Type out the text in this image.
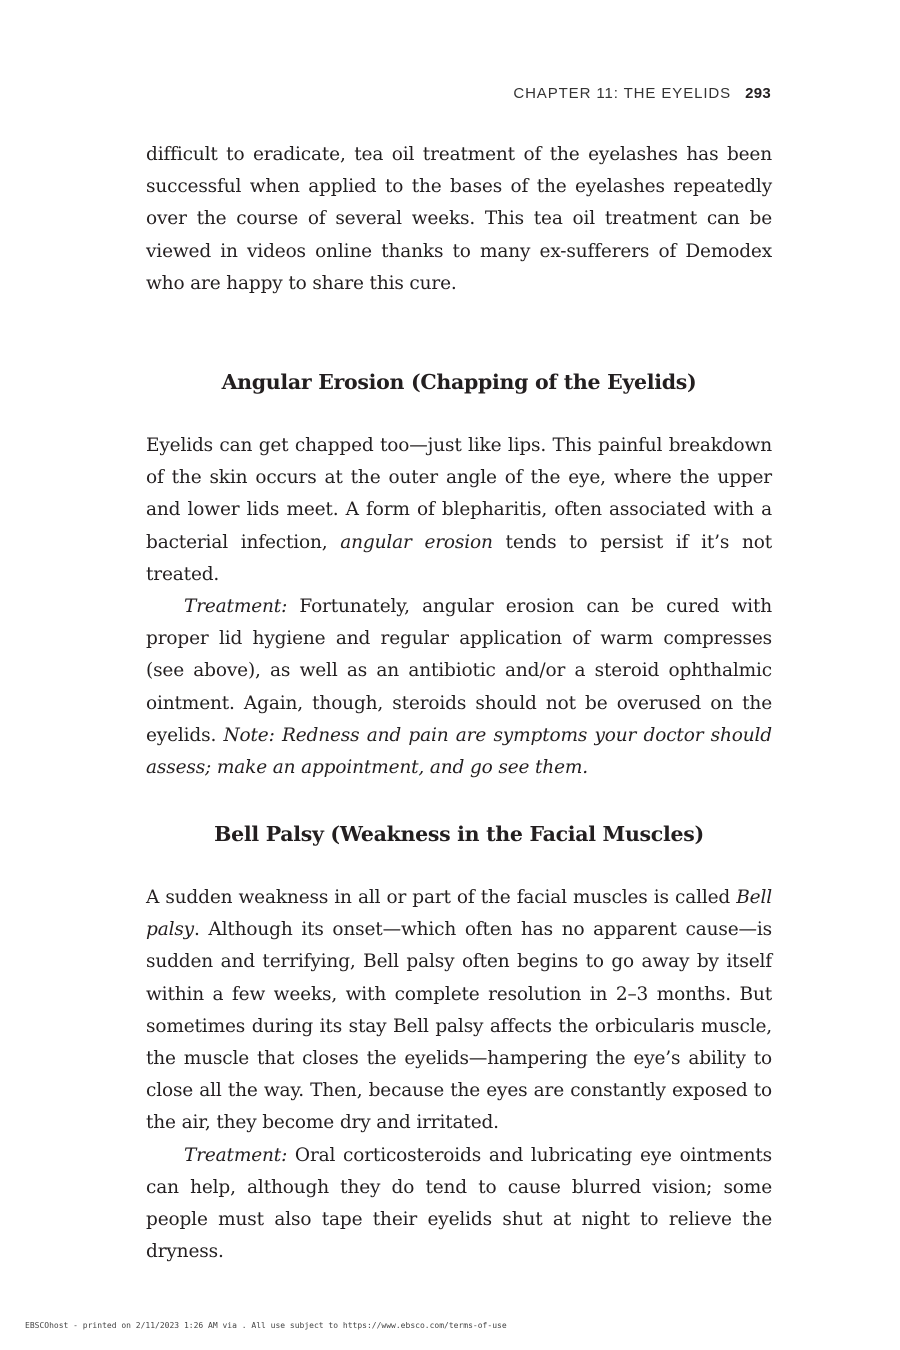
CHAPTER 11: THE EYELIDS 293

difficult to eradicate, tea oil treatment of the eyelashes has been successful when applied to the bases of the eyelashes repeatedly over the course of several weeks. This tea oil treatment can be viewed in videos online thanks to many ex-sufferers of Demodex who are happy to share this cure.

Angular Erosion (Chapping of the Eyelids)

Eyelids can get chapped too—just like lips. This painful breakdown of the skin occurs at the outer angle of the eye, where the upper and lower lids meet. A form of blepharitis, often associated with a bacterial infection, angular erosion tends to persist if it’s not treated.

Treatment: Fortunately, angular erosion can be cured with proper lid hygiene and regular application of warm compresses (see above), as well as an antibiotic and/or a steroid ophthalmic ointment. Again, though, steroids should not be overused on the eyelids. Note: Redness and pain are symptoms your doctor should assess; make an appointment, and go see them.

Bell Palsy (Weakness in the Facial Muscles)

A sudden weakness in all or part of the facial muscles is called Bell palsy. Although its onset—which often has no apparent cause—is sudden and terrifying, Bell palsy often begins to go away by itself within a few weeks, with complete resolution in 2–3 months. But sometimes during its stay Bell palsy affects the orbicularis muscle, the muscle that closes the eyelids—hampering the eye’s ability to close all the way. Then, because the eyes are constantly exposed to the air, they become dry and irritated.

Treatment: Oral corticosteroids and lubricating eye ointments can help, although they do tend to cause blurred vision; some people must also tape their eyelids shut at night to relieve the dryness.

EBSCOhost - printed on 2/11/2023 1:26 AM via . All use subject to https://www.ebsco.com/terms-of-use
